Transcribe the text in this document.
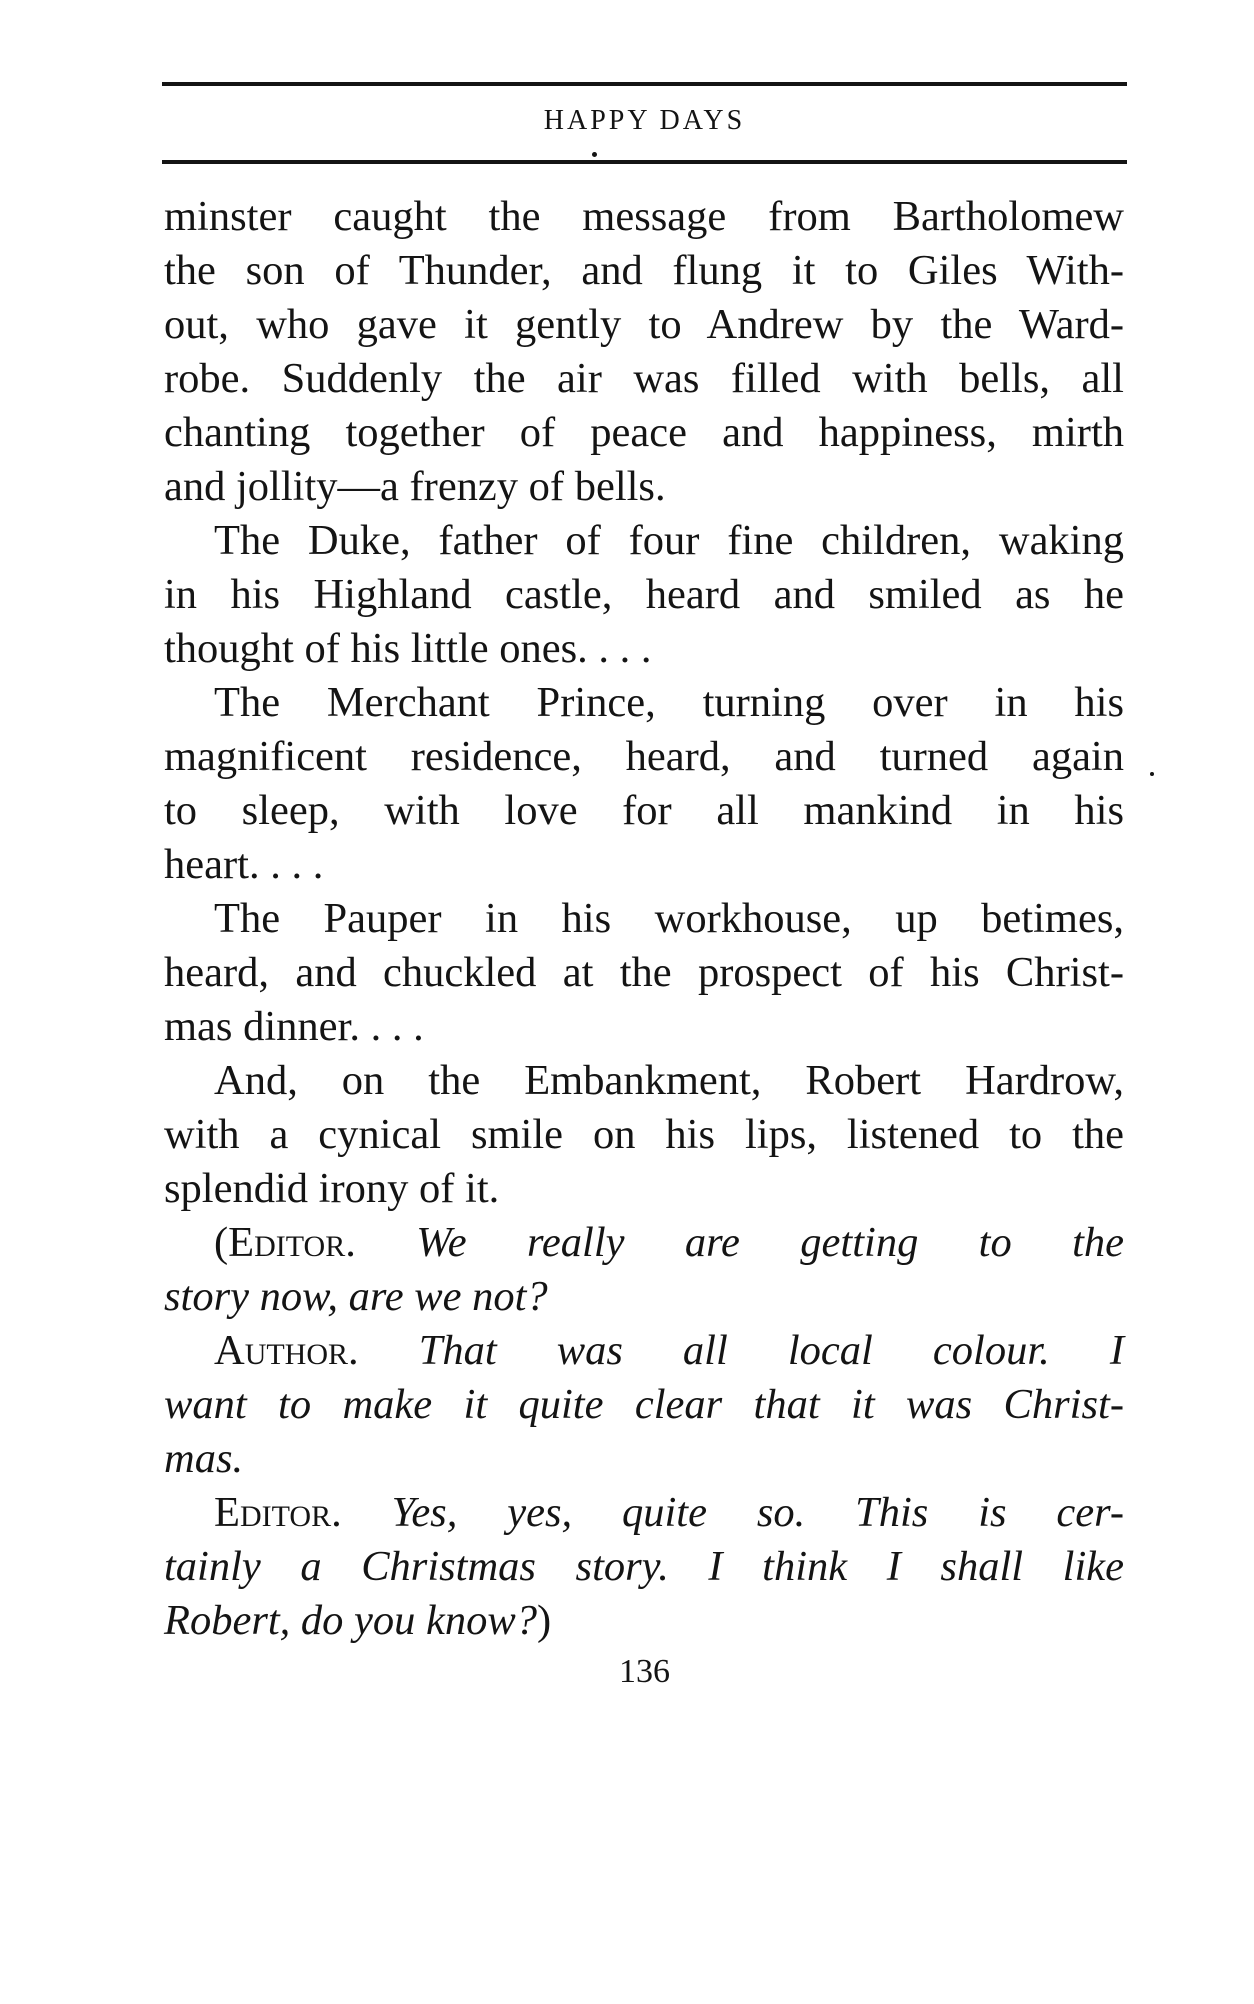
HAPPY DAYS
minster caught the message from Bartholomew
the son of Thunder, and flung it to Giles With-
out, who gave it gently to Andrew by the Ward-
robe. Suddenly the air was filled with bells, all
chanting together of peace and happiness, mirth
and jollity—a frenzy of bells.
The Duke, father of four fine children, waking
in his Highland castle, heard and smiled as he
thought of his little ones. . . .
The Merchant Prince, turning over in his
magnificent residence, heard, and turned again
to sleep, with love for all mankind in his
heart. . . .
The Pauper in his workhouse, up betimes,
heard, and chuckled at the prospect of his Christ-
mas dinner. . . .
And, on the Embankment, Robert Hardrow,
with a cynical smile on his lips, listened to the
splendid irony of it.
(Editor. We really are getting to the
story now, are we not?
Author. That was all local colour. I
want to make it quite clear that it was Christ-
mas.
Editor. Yes, yes, quite so. This is cer-
tainly a Christmas story. I think I shall like
Robert, do you know?)
136
